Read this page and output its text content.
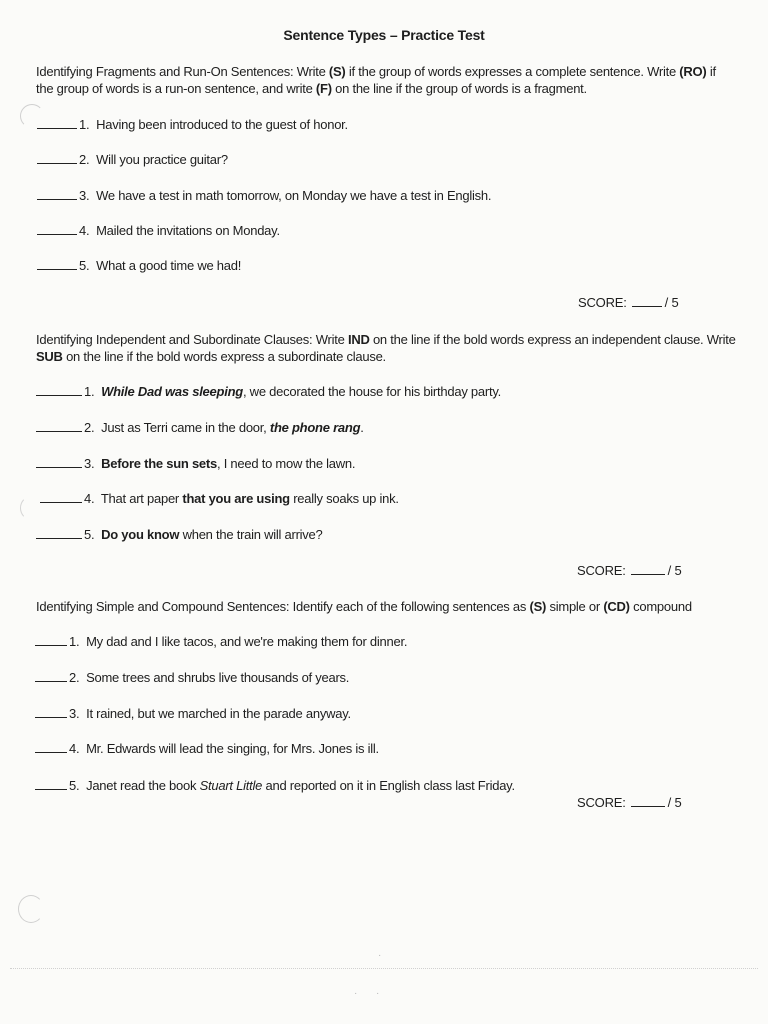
Sentence Types – Practice Test
Identifying Fragments and Run-On Sentences: Write (S) if the group of words expresses a complete sentence. Write (RO) if the group of words is a run-on sentence, and write (F) on the line if the group of words is a fragment.
1. Having been introduced to the guest of honor.
2. Will you practice guitar?
3. We have a test in math tomorrow, on Monday we have a test in English.
4. Mailed the invitations on Monday.
5. What a good time we had!
SCORE:	/ 5
Identifying Independent and Subordinate Clauses: Write IND on the line if the bold words express an independent clause. Write SUB on the line if the bold words express a subordinate clause.
1. While Dad was sleeping, we decorated the house for his birthday party.
2. Just as Terri came in the door, the phone rang.
3. Before the sun sets, I need to mow the lawn.
4. That art paper that you are using really soaks up ink.
5. Do you know when the train will arrive?
SCORE:	/ 5
Identifying Simple and Compound Sentences: Identify each of the following sentences as (S) simple or (CD) compound
1. My dad and I like tacos, and we're making them for dinner.
2. Some trees and shrubs live thousands of years.
3. It rained, but we marched in the parade anyway.
4. Mr. Edwards will lead the singing, for Mrs. Jones is ill.
5. Janet read the book Stuart Little and reported on it in English class last Friday.
SCORE:	/ 5
·
· ·
